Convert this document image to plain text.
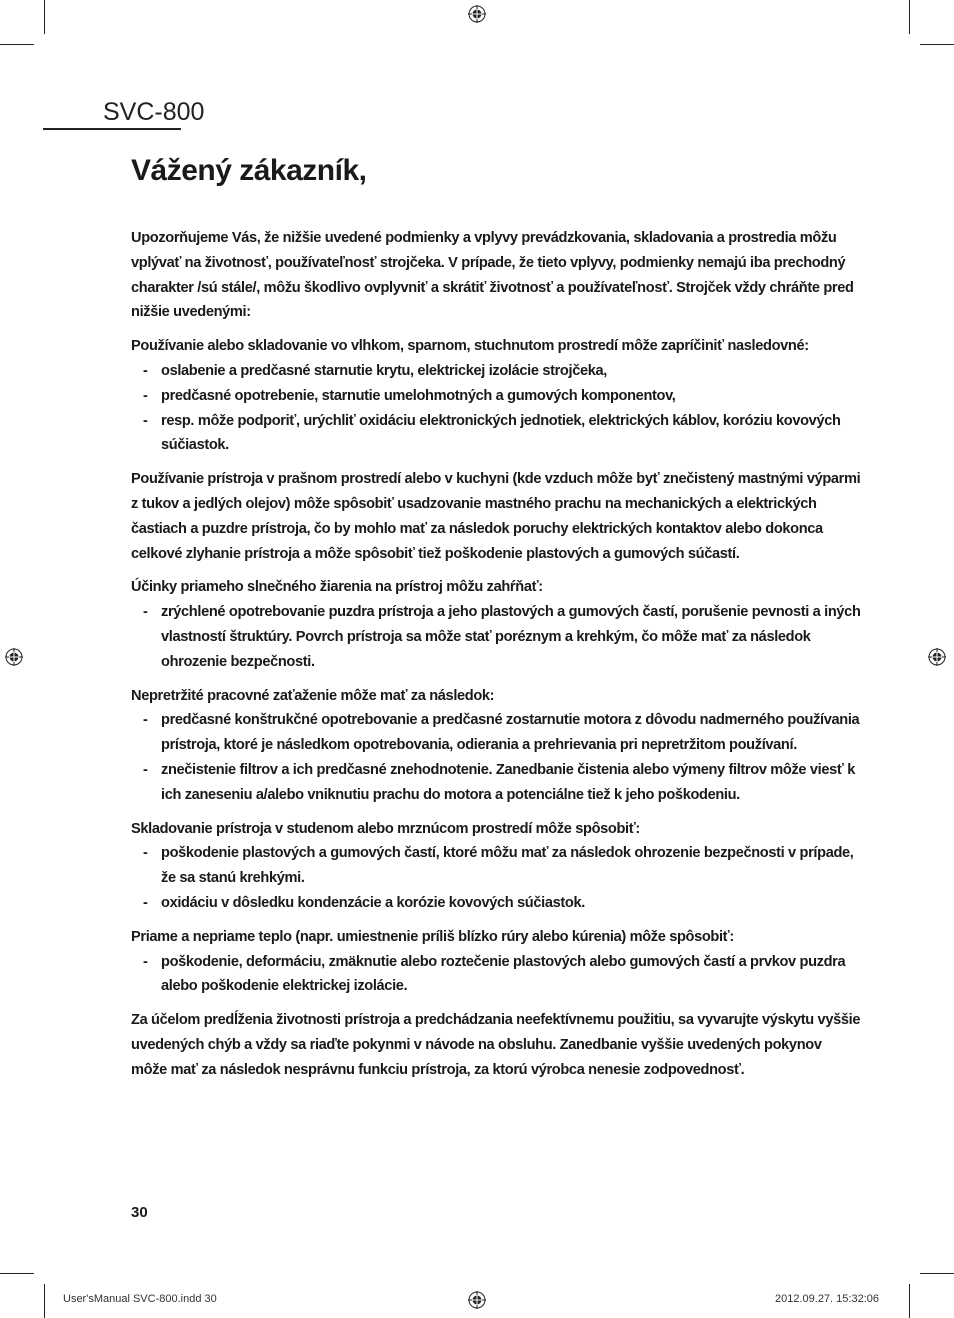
SVC-800
Vážený zákazník,

Upozorňujeme Vás, že nižšie uvedené podmienky a vplyvy prevádzkovania, skladovania a prostredia môžu vplývať na životnosť, používateľnosť strojčeka. V prípade, že tieto vplyvy, podmienky nemajú iba prechodný charakter /sú stále/, môžu škodlivo ovplyvniť a skrátiť životnosť a používateľnosť. Strojček vždy chráňte pred nižšie uvedenými:

Používanie alebo skladovanie vo vlhkom, sparnom, stuchnutom prostredí môže zapríčiniť nasledovné:

- oslabenie a predčasné starnutie krytu, elektrickej izolácie strojčeka,
- predčasné opotrebenie, starnutie umelohmotných a gumových komponentov,
- resp. môže podporiť, urýchliť oxidáciu elektronických jednotiek, elektrických káblov, koróziu kovových súčiastok.

Používanie prístroja v prašnom prostredí alebo v kuchyni (kde vzduch môže byť znečistený mastnými výparmi z tukov a jedlých olejov) môže spôsobiť usadzovanie mastného prachu na mechanických a elektrických častiach a puzdre prístroja, čo by mohlo mať za následok poruchy elektrických kontaktov alebo dokonca celkové zlyhanie prístroja a môže spôsobiť tiež poškodenie plastových a gumových súčastí.

Účinky priameho slnečného žiarenia na prístroj môžu zahŕňať:

- zrýchlené opotrebovanie puzdra prístroja a jeho plastových a gumových častí, porušenie pevnosti a iných vlastností štruktúry. Povrch prístroja sa môže stať poréznym a krehkým, čo môže mať za následok ohrozenie bezpečnosti.

Nepretržité pracovné zaťaženie môže mať za následok:

- predčasné konštrukčné opotrebovanie a predčasné zostarnutie motora z dôvodu nadmerného používania prístroja, ktoré je následkom opotrebovania, odierania a prehrievania pri nepretržitom používaní.
- znečistenie filtrov a ich predčasné znehodnotenie. Zanedbanie čistenia alebo výmeny filtrov môže viesť k ich zaneseniu a/alebo vniknutiu prachu do motora a potenciálne tiež k jeho poškodeniu.

Skladovanie prístroja v studenom alebo mrznúcom prostredí môže spôsobiť:

- poškodenie plastových a gumových častí, ktoré môžu mať za následok ohrozenie bezpečnosti v prípade, že sa stanú krehkými.
- oxidáciu v dôsledku kondenzácie a korózie kovových súčiastok.

Priame a nepriame teplo (napr. umiestnenie príliš blízko rúry alebo kúrenia) môže spôsobiť:

- poškodenie, deformáciu, zmäknutie alebo roztečenie plastových alebo gumových častí a prvkov puzdra alebo poškodenie elektrickej izolácie.

Za účelom predĺženia životnosti prístroja a predchádzania neefektívnemu použitiu, sa vyvarujte výskytu vyššie uvedených chýb a vždy sa riaďte pokynmi v návode na obsluhu. Zanedbanie vyššie uvedených pokynov môže mať za následok nesprávnu funkciu prístroja, za ktorú výrobca nenesie zodpovednosť.

30
User'sManual SVC-800.indd 30	2012.09.27. 15:32:06
